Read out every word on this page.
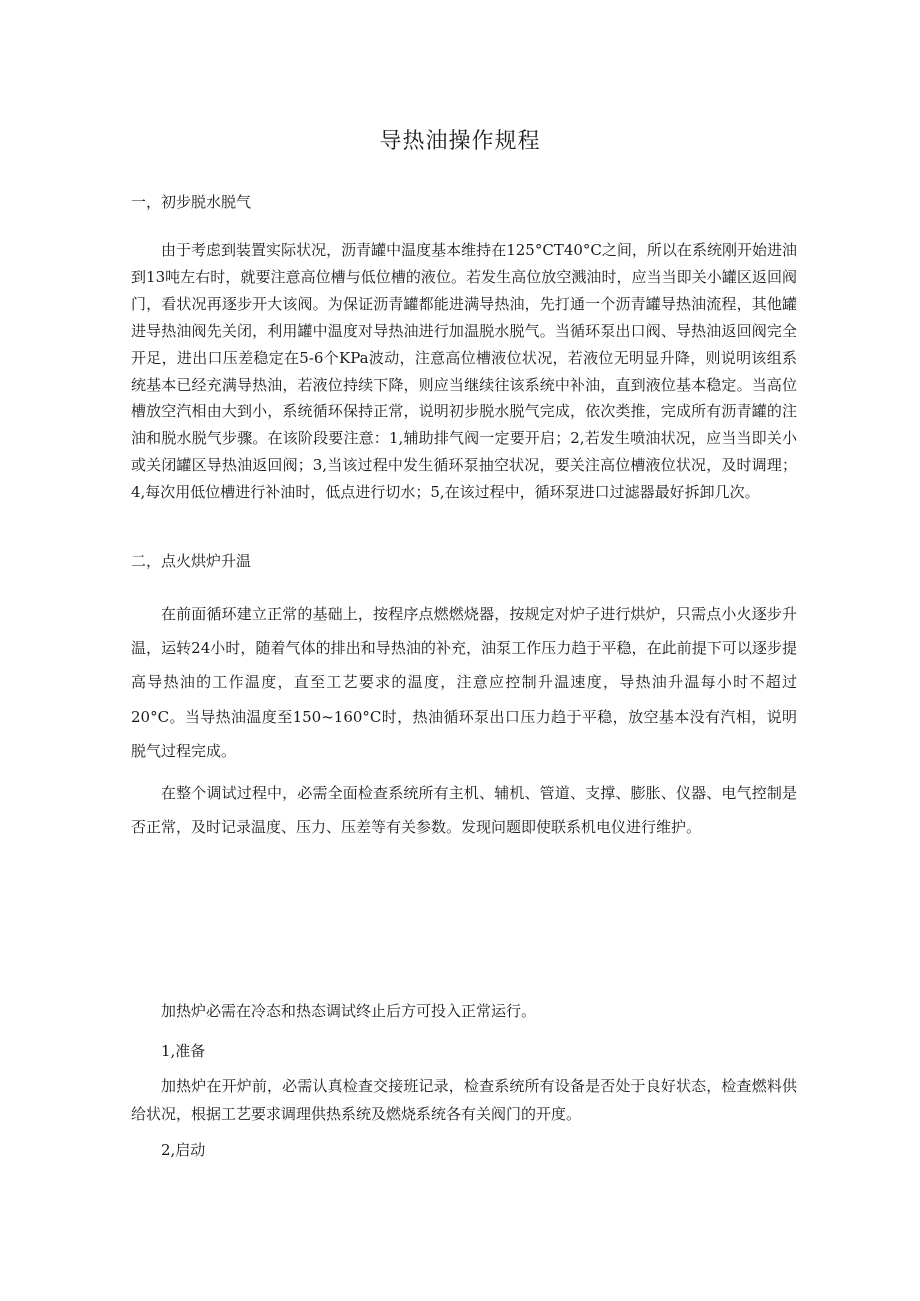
导热油操作规程
一，初步脱水脱气

由于考虑到装置实际状况，沥青罐中温度基本维持在125°CT40°C之间，所以在系统刚开始进油到13吨左右时，就要注意高位槽与低位槽的液位。若发生高位放空溅油时，应当当即关小罐区返回阀门，看状况再逐步开大该阀。为保证沥青罐都能进满导热油，先打通一个沥青罐导热油流程，其他罐进导热油阀先关闭，利用罐中温度对导热油进行加温脱水脱气。当循环泵出口阀、导热油返回阀完全开足，进出口压差稳定在5-6个KPa波动，注意高位槽液位状况，若液位无明显升降，则说明该组系统基本已经充满导热油，若液位持续下降，则应当继续往该系统中补油，直到液位基本稳定。当高位槽放空汽相由大到小，系统循环保持正常，说明初步脱水脱气完成，依次类推，完成所有沥青罐的注油和脱水脱气步骤。在该阶段要注意：1,辅助排气阀一定要开启；2,若发生喷油状况，应当当即关小或关闭罐区导热油返回阀；3,当该过程中发生循环泵抽空状况，要关注高位槽液位状况，及时调理；4,每次用低位槽进行补油时，低点进行切水；5,在该过程中，循环泵进口过滤器最好拆卸几次。

二，点火烘炉升温

在前面循环建立正常的基础上，按程序点燃燃烧器，按规定对炉子进行烘炉，只需点小火逐步升温，运转24小时，随着气体的排出和导热油的补充，油泵工作压力趋于平稳，在此前提下可以逐步提高导热油的工作温度，直至工艺要求的温度，注意应控制升温速度，导热油升温每小时不超过20°C。当导热油温度至150~160°C时，热油循环泵出口压力趋于平稳，放空基本没有汽相，说明脱气过程完成。

在整个调试过程中，必需全面检查系统所有主机、辅机、管道、支撑、膨胀、仪器、电气控制是否正常，及时记录温度、压力、压差等有关参数。发现问题即使联系机电仪进行维护。

加热炉必需在冷态和热态调试终止后方可投入正常运行。

1,准备

加热炉在开炉前，必需认真检查交接班记录，检查系统所有设备是否处于良好状态，检查燃料供给状况，根据工艺要求调理供热系统及燃烧系统各有关阀门的开度。

2,启动
